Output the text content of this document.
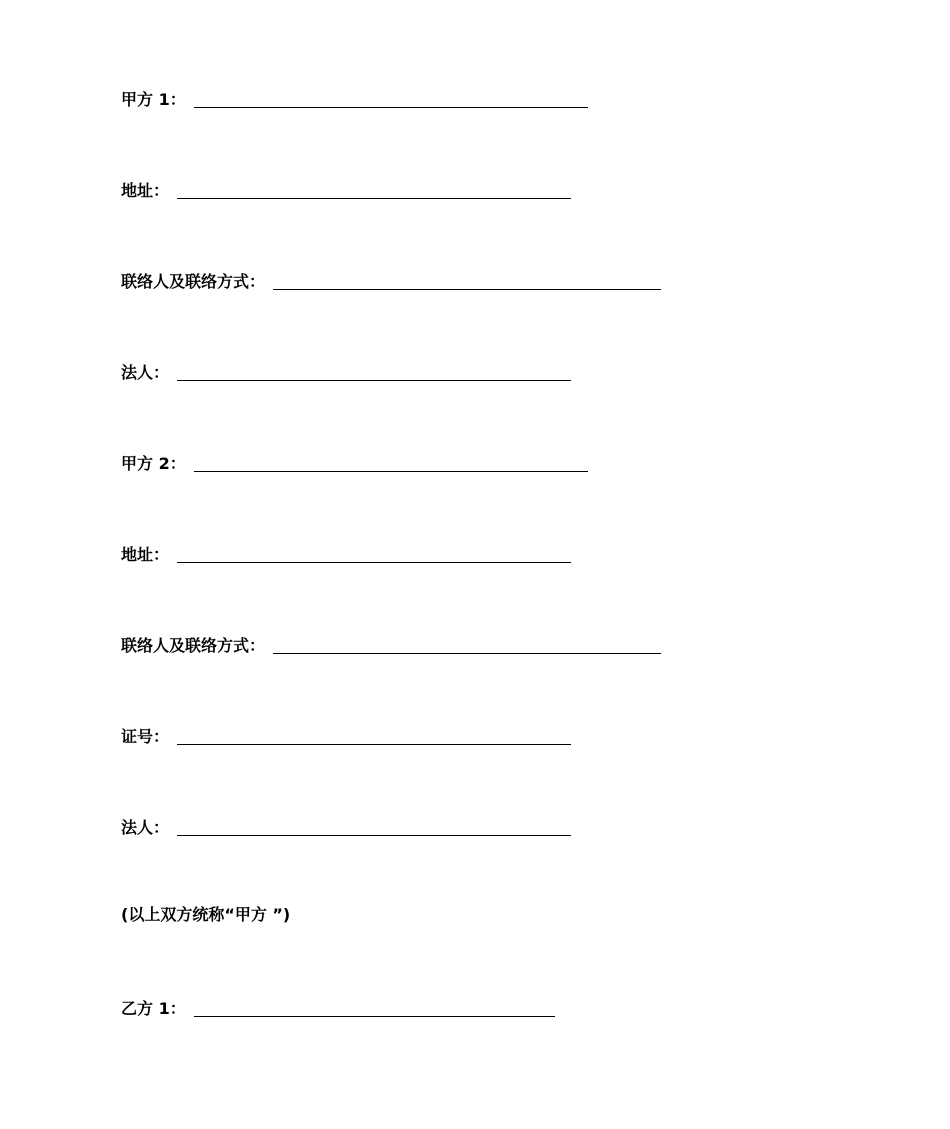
甲方 1：
地址：
联络人及联络方式：
法人：
甲方 2：
地址：
联络人及联络方式：
证号：
法人：
(以上双方统称“甲方 ”)
乙方 1：
